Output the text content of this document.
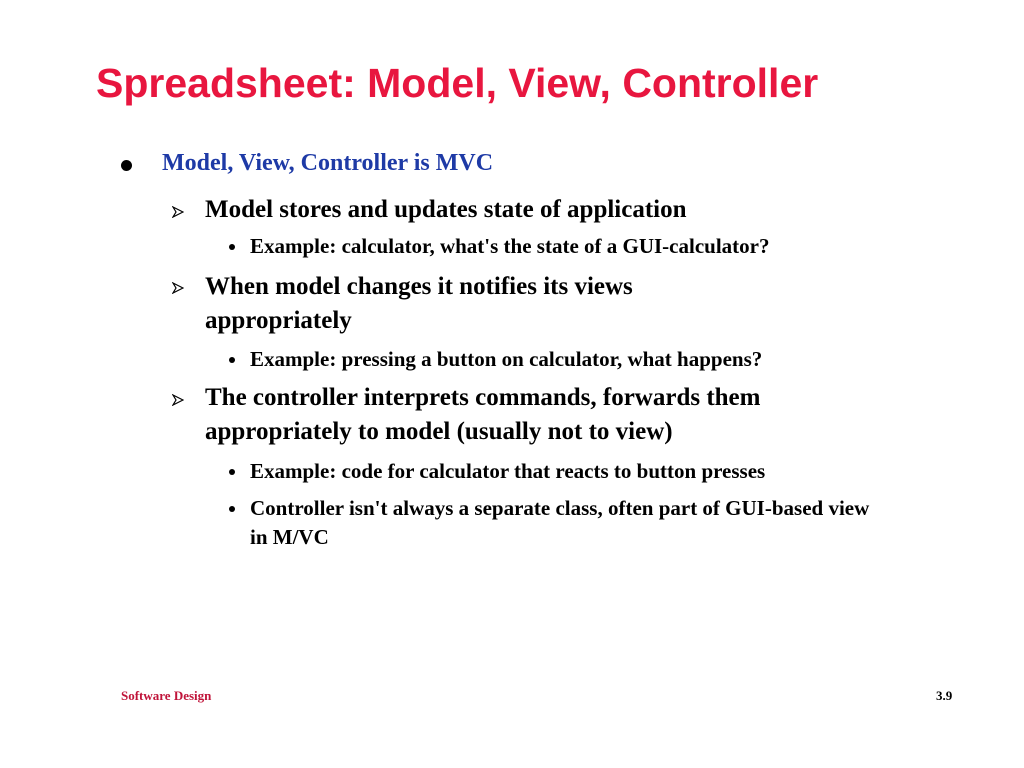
Spreadsheet: Model, View, Controller
Model, View, Controller is MVC
Model stores and updates state of application
Example: calculator, what's the state of a GUI-calculator?
When model changes it notifies its views appropriately
Example: pressing a button on calculator, what happens?
The controller interprets commands, forwards them appropriately to model (usually not to view)
Example: code for calculator that reacts to button presses
Controller isn't always a separate class, often part of GUI-based view in M/VC
Software Design	3.9
